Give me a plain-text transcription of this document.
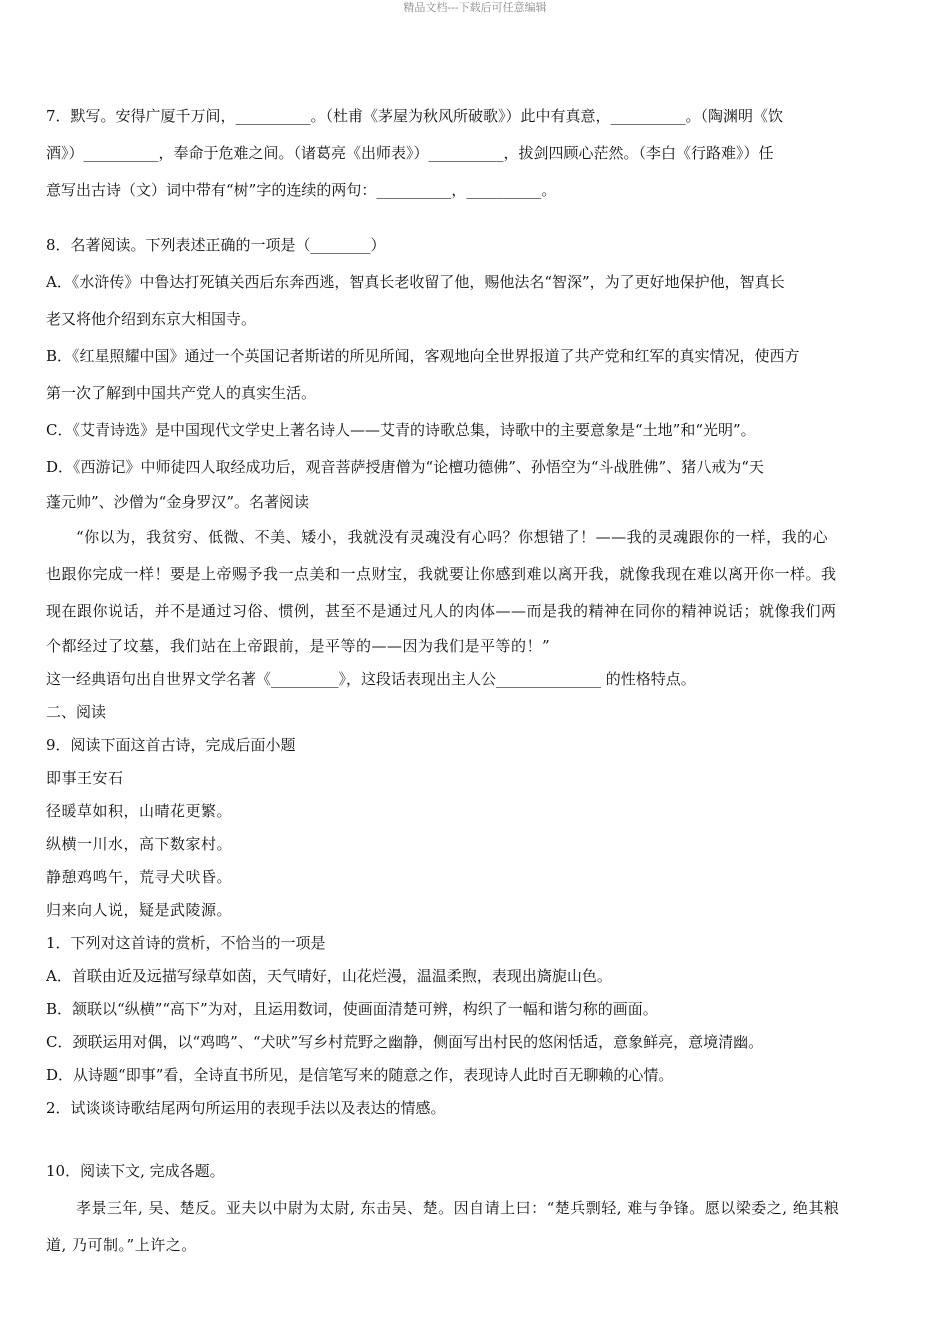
精品文档---下载后可任意编辑

7．默写。安得广厦千万间，__________。（杜甫《茅屋为秋风所破歌》）此中有真意，__________。（陶渊明《饮

酒》）__________，奉命于危难之间。（诸葛亮《出师表》）__________，拔剑四顾心茫然。（李白《行路难》）任

意写出古诗（文）词中带有“树”字的连续的两句：__________，__________。

8．名著阅读。下列表述正确的一项是（________）

A．《水浒传》中鲁达打死镇关西后东奔西逃，智真长老收留了他，赐他法名“智深”，为了更好地保护他，智真长

老又将他介绍到东京大相国寺。

B．《红星照耀中国》通过一个英国记者斯诺的所见所闻，客观地向全世界报道了共产党和红军的真实情况，使西方

第一次了解到中国共产党人的真实生活。

C．《艾青诗选》是中国现代文学史上著名诗人——艾青的诗歌总集，诗歌中的主要意象是“土地”和“光明”。

D．《西游记》中师徒四人取经成功后，观音菩萨授唐僧为“论檀功德佛”、孙悟空为“斗战胜佛”、猪八戒为“天

蓬元帅”、沙僧为“金身罗汉”。名著阅读

“你以为，我贫穷、低微、不美、矮小，我就没有灵魂没有心吗？你想错了！——我的灵魂跟你的一样，我的心

也跟你完成一样！要是上帝赐予我一点美和一点财宝，我就要让你感到难以离开我，就像我现在难以离开你一样。我

现在跟你说话，并不是通过习俗、惯例，甚至不是通过凡人的肉体——而是我的精神在同你的精神说话；就像我们两

个都经过了坟墓，我们站在上帝跟前，是平等的——因为我们是平等的！”

这一经典语句出自世界文学名著《_________》，这段话表现出主人公______________ 的性格特点。

二、阅读

9．阅读下面这首古诗，完成后面小题

即事王安石

径暖草如积，山晴花更繁。

纵横一川水，高下数家村。

静憩鸡鸣午，荒寻犬吠昏。

归来向人说，疑是武陵源。

1．下列对这首诗的赏析，不恰当的一项是

A．首联由近及远描写绿草如茵，天气晴好，山花烂漫，温温柔煦，表现出旖旎山色。

B．颔联以“纵横”“高下”为对，且运用数词，使画面清楚可辨，构织了一幅和谐匀称的画面。

C．颈联运用对偶，以“鸡鸣”、“犬吠”写乡村荒野之幽静，侧面写出村民的悠闲恬适，意象鲜亮，意境清幽。

D．从诗题“即事”看，全诗直书所见，是信笔写来的随意之作，表现诗人此时百无聊赖的心情。

2．试谈谈诗歌结尾两句所运用的表现手法以及表达的情感。

10．阅读下文, 完成各题。

孝景三年, 吴、楚反。亚夫以中尉为太尉, 东击吴、楚。因自请上曰：“楚兵剽轻, 难与争锋。愿以梁委之, 绝其粮

道, 乃可制。”上许之。
